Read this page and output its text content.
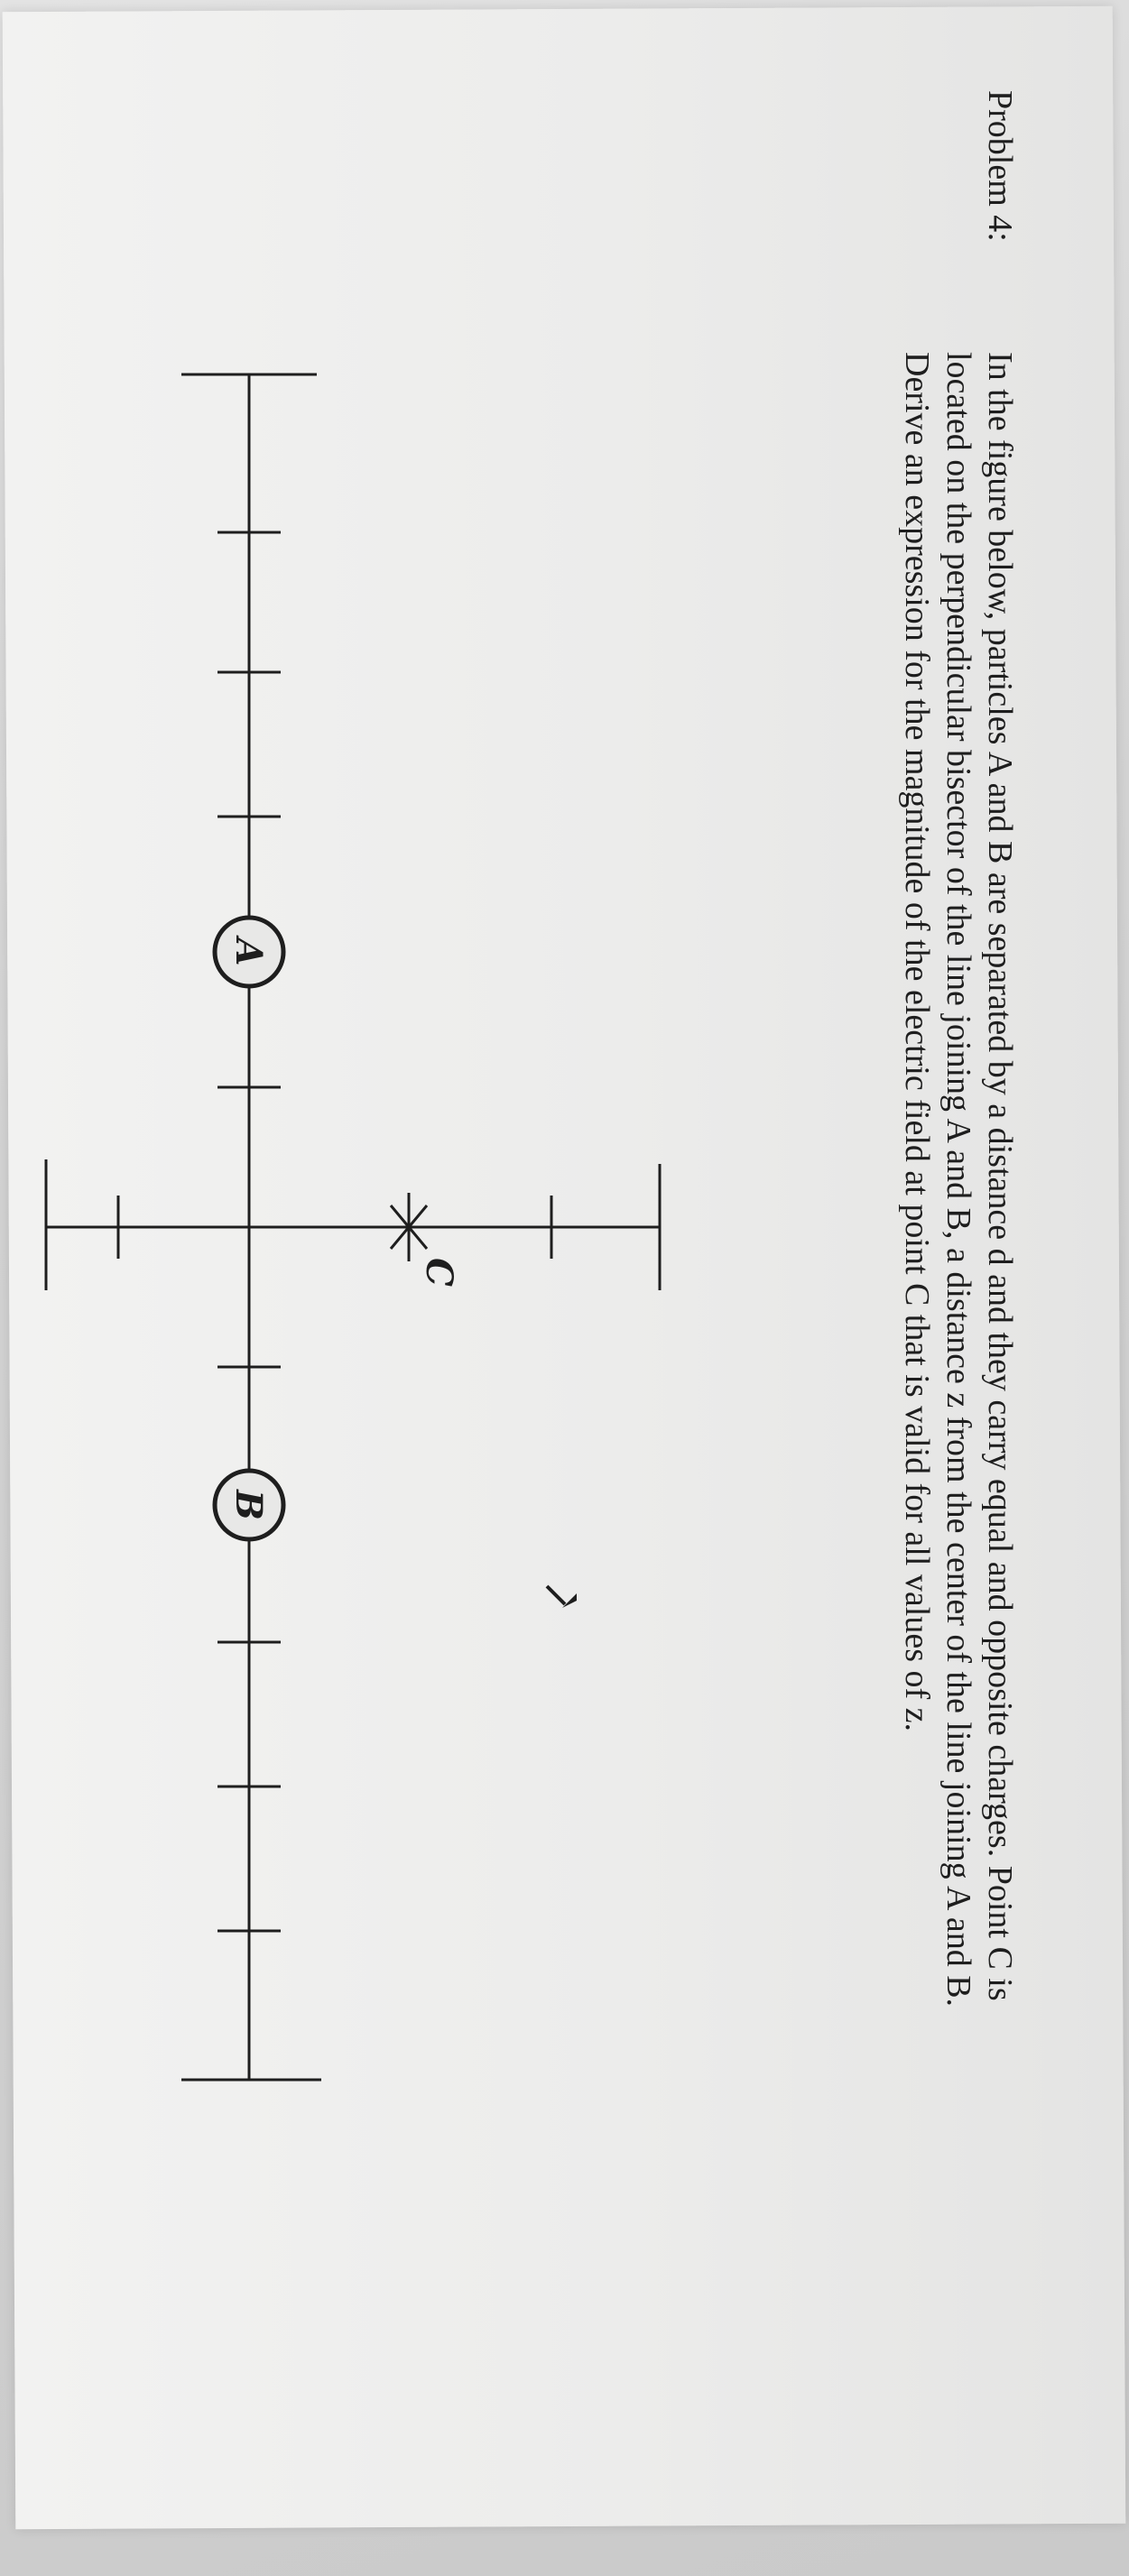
Problem 4:

In the figure below, particles A and B are separated by a distance d and they carry equal and opposite charges. Point C is located on the perpendicular bisector of the line joining A and B, a distance z from the center of the line joining A and B. Derive an expression for the magnitude of the electric field at point C that is valid for all values of z.

A
B
C
